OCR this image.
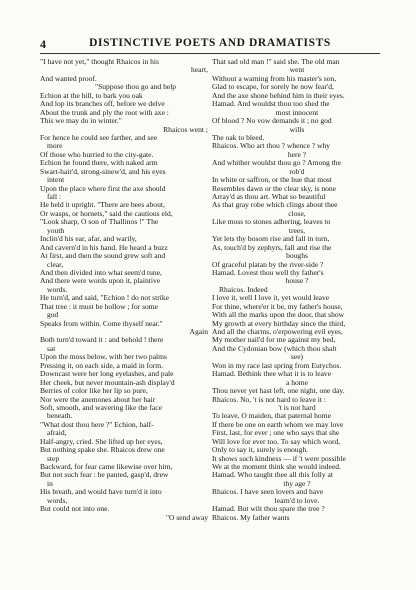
4	DISTINCTIVE POETS AND DRAMATISTS
"I have not yet," thought Rhaicos in his
heart,
And wanted proof.
"Suppose thou go and help
Echion at the hill, to bark you oak
And lop its branches off, before we delve
About the trunk and ply the root with axe :
This we may do in winter."
Rhaicos went ;
For hence he could see farther, and see
more
Of those who hurried to the city-gate.
Echion he found there, with naked arm
Swart-hair'd, strong-sinew'd, and his eyes
intent
Upon the place where first the axe should
fall :
He held it upright. "There are bees about,
Or wasps, or hornets," said the cautious eld,
"Look sharp, O son of Thallinos !" The
youth
Inclin'd his ear, afar, and warily,
And cavern'd in his hand. He heard a buzz
At first, and then the sound grew soft and
clear,
And then divided into what seem'd tune,
And there were words upon it, plaintive
words.
He turn'd, and said, "Echion ! do not strike
That tree : it must be hollow ; for some
god
Speaks from within. Come thyself near."
Again
Both turn'd toward it : and behold ! there
sat
Upon the moss below, with her two palms
Pressing it, on each side, a maid in form.
Downcast were her long eyelashes, and pale
Her cheek, but never mountain-ash display'd
Berries of color like her lip so pure,
Nor were the anemones about her hair
Soft, smooth, and wavering like the face
beneath.
"What dost thou here ?" Echion, half-
afraid,
Half-angry, cried. She lifted up her eyes,
But nothing spake she. Rhaicos drew one
step
Backward, for fear came likewise over him,
But not such fear : he panted, gasp'd, drew
in
His breath, and would have turn'd it into
words,
But could not into one.
"O send away
That sad old man !" said she. The old man
went
Without a warning from his master's son,
Glad to escape, for sorely he now fear'd,
And the axe shone behind him in their eyes.
Hamad. And wouldst thou too shed the
most innocent
Of blood ? No vow demands it ; no god
wills
The oak to bleed.
Rhaicos. Who art thou ? whence ? why
here ?
And whither wouldst thou go ? Among the
rob'd
In white or saffron, or the hue that most
Resembles dawn or the clear sky, is none
Array'd as thou art. What so beautiful
As that gray robe which clings about thee
close,
Like moss to stones adhering, leaves to
trees,
Yet lets thy bosom rise and fall in turn,
As, touch'd by zephyrs, fall and rise the
boughs
Of graceful platan by the river-side ?
Hamad. Lovest thou well thy father's
house ?
Rhaicos. Indeed
I love it, well I love it, yet would leave
For thine, where'er it be, my father's house,
With all the marks upon the door, that show
My growth at every birthday since the third,
And all the charms, o'erpowering evil eyes,
My mother nail'd for me against my bed,
And the Cydonian bow (which thou shalt
see)
Won in my race last spring from Eutychos.
Hamad. Bethink thee what it is to leave
a home
Thou never yet hast left, one night, one day.
Rhaicos. No, 't is not hard to leave it :
't is not hard
To leave, O maiden, that paternal home
If there be one on earth whom we may love
First, last, for ever ; one who says that she
Will love for ever too. To say which word,
Only to say it, surely is enough.
It shows such kindness — if 't were possible
We at the moment think she would indeed.
Hamad. Who taught thee all this folly at
thy age ?
Rhaicos. I have seen lovers and have
learn'd to love.
Hamad. But wilt thou spare the tree ?
Rhaicos. My father wants
